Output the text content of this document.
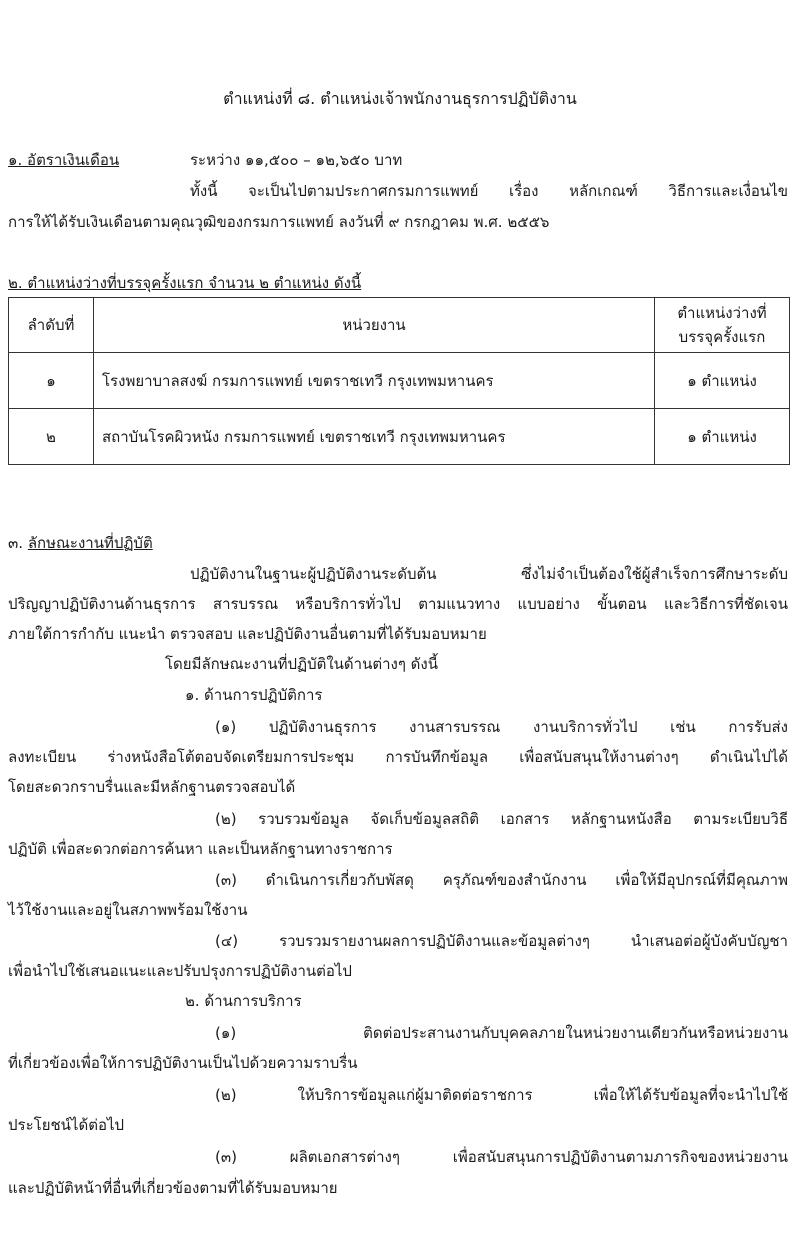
ตำแหน่งที่ ๘. ตำแหน่งเจ้าพนักงานธุรการปฏิบัติงาน
๑. อัตราเงินเดือน	ระหว่าง ๑๑,๕๐๐ – ๑๒,๖๕๐ บาท
ทั้งนี้ จะเป็นไปตามประกาศกรมการแพทย์ เรื่อง หลักเกณฑ์ วิธีการและเงื่อนไข
การให้ได้รับเงินเดือนตามคุณวุฒิของกรมการแพทย์ ลงวันที่ ๙ กรกฎาคม พ.ศ. ๒๕๕๖
๒. ตำแหน่งว่างที่บรรจุครั้งแรก จำนวน ๒ ตำแหน่ง ดังนี้
ลำดับที่	หน่วยงาน	ตำแหน่งว่างที่
บรรจุครั้งแรก

๑	โรงพยาบาลสงฆ์ กรมการแพทย์ เขตราชเทวี กรุงเทพมหานคร	๑ ตำแหน่ง
๒	สถาบันโรคผิวหนัง กรมการแพทย์ เขตราชเทวี กรุงเทพมหานคร	๑ ตำแหน่ง
๓. ลักษณะงานที่ปฏิบัติ
ปฏิบัติงานในฐานะผู้ปฏิบัติงานระดับต้น ซึ่งไม่จำเป็นต้องใช้ผู้สำเร็จการศึกษาระดับ
ปริญญาปฏิบัติงานด้านธุรการ สารบรรณ หรือบริการทั่วไป ตามแนวทาง แบบอย่าง ขั้นตอน และวิธีการที่ชัดเจน
ภายใต้การกำกับ แนะนำ ตรวจสอบ และปฏิบัติงานอื่นตามที่ได้รับมอบหมาย
โดยมีลักษณะงานที่ปฏิบัติในด้านต่างๆ ดังนี้
๑. ด้านการปฏิบัติการ
(๑) ปฏิบัติงานธุรการ งานสารบรรณ งานบริการทั่วไป เช่น การรับส่ง
ลงทะเบียน ร่างหนังสือโต้ตอบจัดเตรียมการประชุม การบันทึกข้อมูล เพื่อสนับสนุนให้งานต่างๆ ดำเนินไปได้
โดยสะดวกราบรื่นและมีหลักฐานตรวจสอบได้
(๒) รวบรวมข้อมูล จัดเก็บข้อมูลสถิติ เอกสาร หลักฐานหนังสือ ตามระเบียบวิธี
ปฏิบัติ เพื่อสะดวกต่อการค้นหา และเป็นหลักฐานทางราชการ
(๓) ดำเนินการเกี่ยวกับพัสดุ ครุภัณฑ์ของสำนักงาน เพื่อให้มีอุปกรณ์ที่มีคุณภาพ
ไว้ใช้งานและอยู่ในสภาพพร้อมใช้งาน
(๔) รวบรวมรายงานผลการปฏิบัติงานและข้อมูลต่างๆ นำเสนอต่อผู้บังคับบัญชา
เพื่อนำไปใช้เสนอแนะและปรับปรุงการปฏิบัติงานต่อไป
๒. ด้านการบริการ
(๑) ติดต่อประสานงานกับบุคคลภายในหน่วยงานเดียวกันหรือหน่วยงาน
ที่เกี่ยวข้องเพื่อให้การปฏิบัติงานเป็นไปด้วยความราบรื่น
(๒) ให้บริการข้อมูลแก่ผู้มาติดต่อราชการ เพื่อให้ได้รับข้อมูลที่จะนำไปใช้
ประโยชน์ได้ต่อไป
(๓) ผลิตเอกสารต่างๆ เพื่อสนับสนุนการปฏิบัติงานตามภารกิจของหน่วยงาน
และปฏิบัติหน้าที่อื่นที่เกี่ยวข้องตามที่ได้รับมอบหมาย
